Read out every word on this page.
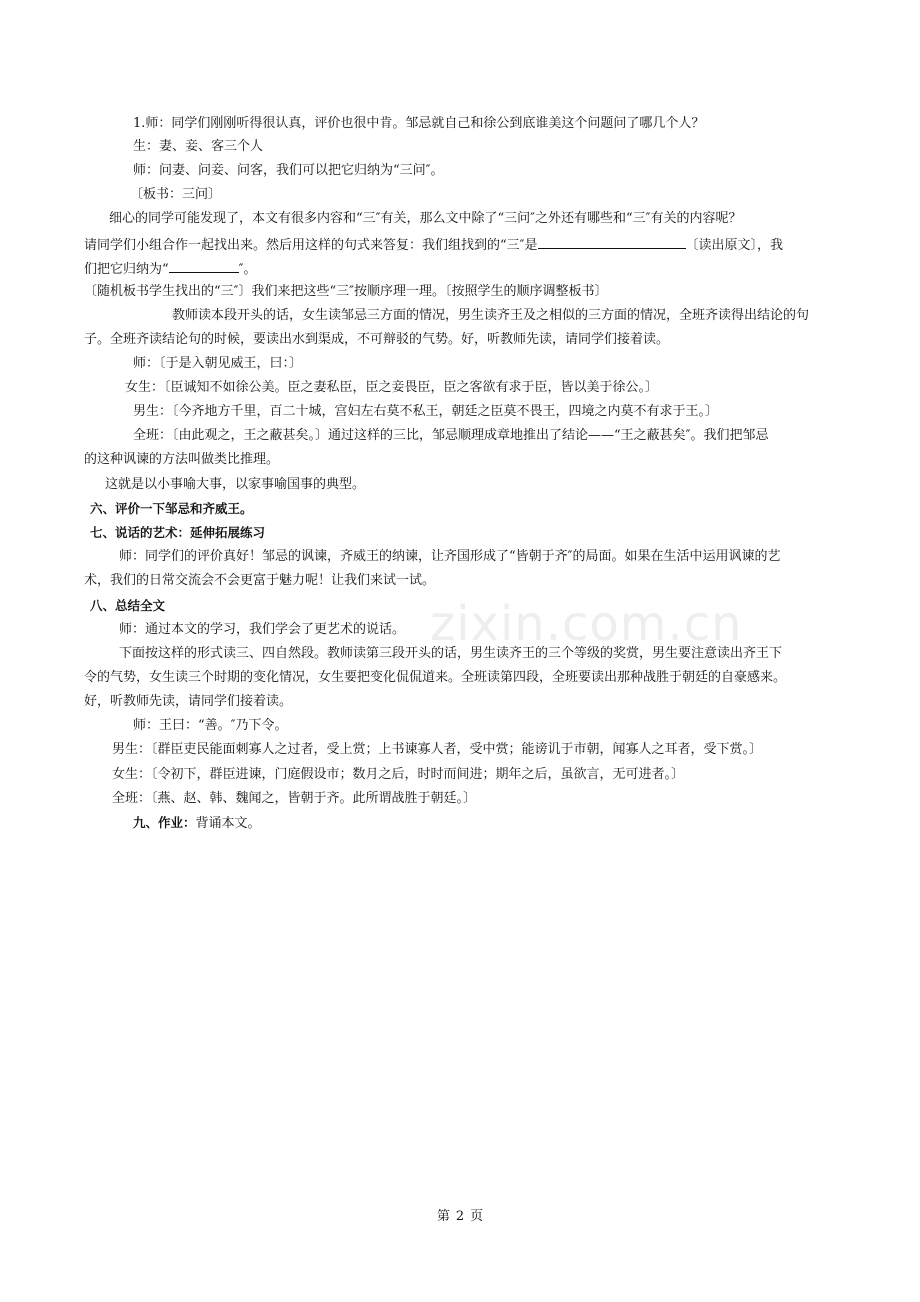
zixin.com.cn
1.师：同学们刚刚听得很认真，评价也很中肯。邹忌就自己和徐公到底谁美这个问题问了哪几个人？
生：妻、妾、客三个人
师：问妻、问妾、问客，我们可以把它归纳为“三问″。
〔板书：三问〕
细心的同学可能发现了，本文有很多内容和“三″有关，那么文中除了“三问″之外还有哪些和“三″有关的内容呢？
请同学们小组合作一起找出来。然后用这样的句式来答复：我们组找到的“三″是	〔读出原文〕，我
们把它归纳为“	″。
〔随机板书学生找出的“三″〕我们来把这些“三″按顺序理一理。〔按照学生的顺序调整板书〕
教师读本段开头的话，女生读邹忌三方面的情况，男生读齐王及之相似的三方面的情况，全班齐读得出结论的句
子。全班齐读结论句的时候，要读出水到渠成，不可辩驳的气势。好，听教师先读，请同学们接着读。
师：〔于是入朝见威王，曰：〕
女生：〔臣诚知不如徐公美。臣之妻私臣，臣之妾畏臣，臣之客欲有求于臣，皆以美于徐公。〕
男生：〔今齐地方千里，百二十城，宫妇左右莫不私王，朝廷之臣莫不畏王，四境之内莫不有求于王。〕
全班：〔由此观之，王之蔽甚矣。〕通过这样的三比，邹忌顺理成章地推出了结论——“王之蔽甚矣″。我们把邹忌
的这种讽谏的方法叫做类比推理。
这就是以小事喻大事，以家事喻国事的典型。
六、评价一下邹忌和齐威王。
七、说话的艺术：延伸拓展练习
师：同学们的评价真好！邹忌的讽谏，齐威王的纳谏，让齐国形成了“皆朝于齐″的局面。如果在生活中运用讽谏的艺
术，我们的日常交流会不会更富于魅力呢！让我们来试一试。
八、总结全文
师：通过本文的学习，我们学会了更艺术的说话。
下面按这样的形式读三、四自然段。教师读第三段开头的话，男生读齐王的三个等级的奖赏，男生要注意读出齐王下
令的气势，女生读三个时期的变化情况，女生要把变化侃侃道来。全班读第四段，全班要读出那种战胜于朝廷的自豪感来。
好，听教师先读，请同学们接着读。
师：王曰：“善。″乃下令。
男生：〔群臣吏民能面刺寡人之过者，受上赏；上书谏寡人者，受中赏；能谤讥于市朝，闻寡人之耳者，受下赏。〕
女生：〔令初下，群臣进谏，门庭假设市；数月之后，时时而间进；期年之后，虽欲言，无可进者。〕
全班：〔燕、赵、韩、魏闻之，皆朝于齐。此所谓战胜于朝廷。〕
九、作业：背诵本文。
第 2 页
